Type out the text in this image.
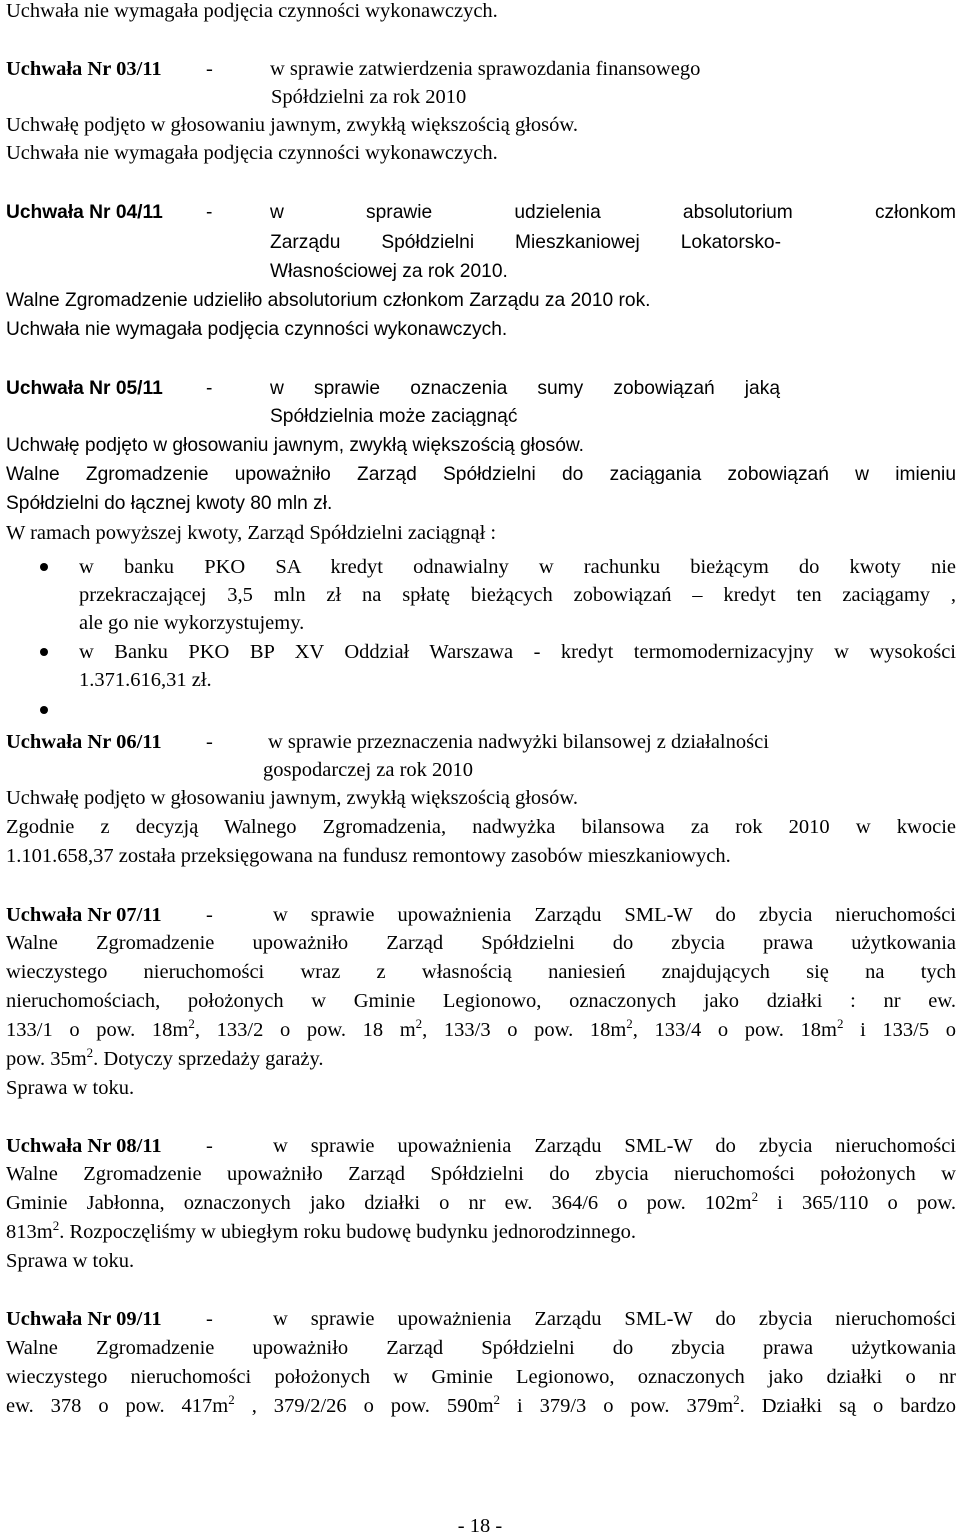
Uchwała nie wymagała podjęcia czynności wykonawczych.
Uchwała Nr 03/11	-	w sprawie zatwierdzenia sprawozdania finansowego
Spółdzielni za rok 2010
Uchwałę podjęto w głosowaniu jawnym, zwykłą większością głosów.
Uchwała nie wymagała podjęcia czynności wykonawczych.
Uchwała Nr 04/11	-	w sprawie udzielenia absolutorium członkom
Zarządu Spółdzielni Mieszkaniowej Lokatorsko-
Własnościowej za rok 2010.
Walne Zgromadzenie udzieliło absolutorium członkom Zarządu za 2010 rok.
Uchwała nie wymagała podjęcia czynności wykonawczych.
Uchwała Nr 05/11	-	w sprawie oznaczenia sumy zobowiązań jaką
Spółdzielnia może zaciągnąć
Uchwałę podjęto w głosowaniu jawnym, zwykłą większością głosów.
Walne Zgromadzenie upoważniło Zarząd Spółdzielni do zaciągania zobowiązań w imieniu
Spółdzielni do łącznej kwoty 80 mln zł.
W ramach powyższej kwoty, Zarząd Spółdzielni zaciągnął :
w banku PKO SA kredyt odnawialny w rachunku bieżącym do kwoty nie
przekraczającej 3,5 mln zł na spłatę bieżących zobowiązań – kredyt ten zaciągamy ,
ale go nie wykorzystujemy.
w Banku PKO BP XV Oddział Warszawa - kredyt termomodernizacyjny w wysokości
1.371.616,31 zł.
Uchwała Nr 06/11	-	w sprawie przeznaczenia nadwyżki bilansowej z działalności
gospodarczej za rok 2010
Uchwałę podjęto w głosowaniu jawnym, zwykłą większością głosów.
Zgodnie z decyzją Walnego Zgromadzenia, nadwyżka bilansowa za rok 2010 w kwocie
1.101.658,37 została przeksięgowana na fundusz remontowy zasobów mieszkaniowych.
Uchwała Nr 07/11	-	w sprawie upoważnienia Zarządu SML-W do zbycia nieruchomości
Walne Zgromadzenie upoważniło Zarząd Spółdzielni do zbycia prawa użytkowania
wieczystego nieruchomości wraz z własnością naniesień znajdujących się na tych
nieruchomościach, położonych w Gminie Legionowo, oznaczonych jako działki : nr ew.
133/1 o pow. $18m^2$, 133/2 o pow. 18 $m^2$, 133/3 o pow. $18m^2$, 133/4 o pow. $18m^2$ i 133/5 o
pow. $35m^2$. Dotyczy sprzedaży garaży.
Sprawa w toku.
Uchwała Nr 08/11	-	w sprawie upoważnienia Zarządu SML-W do zbycia nieruchomości
Walne Zgromadzenie upoważniło Zarząd Spółdzielni do zbycia nieruchomości położonych w
Gminie Jabłonna, oznaczonych jako działki o nr ew. 364/6 o pow. $102m^2$ i 365/110 o pow.
$813m^2$. Rozpoczęliśmy w ubiegłym roku budowę budynku jednorodzinnego.
Sprawa w toku.
Uchwała Nr 09/11	-	w sprawie upoważnienia Zarządu SML-W do zbycia nieruchomości
Walne Zgromadzenie upoważniło Zarząd Spółdzielni do zbycia prawa użytkowania
wieczystego nieruchomości położonych w Gminie Legionowo, oznaczonych jako działki o nr
ew. 378 o pow. $417m^2$ , 379/2/26 o pow. $590m^2$ i 379/3 o pow. $379m^2$. Działki są o bardzo
- 18 -
